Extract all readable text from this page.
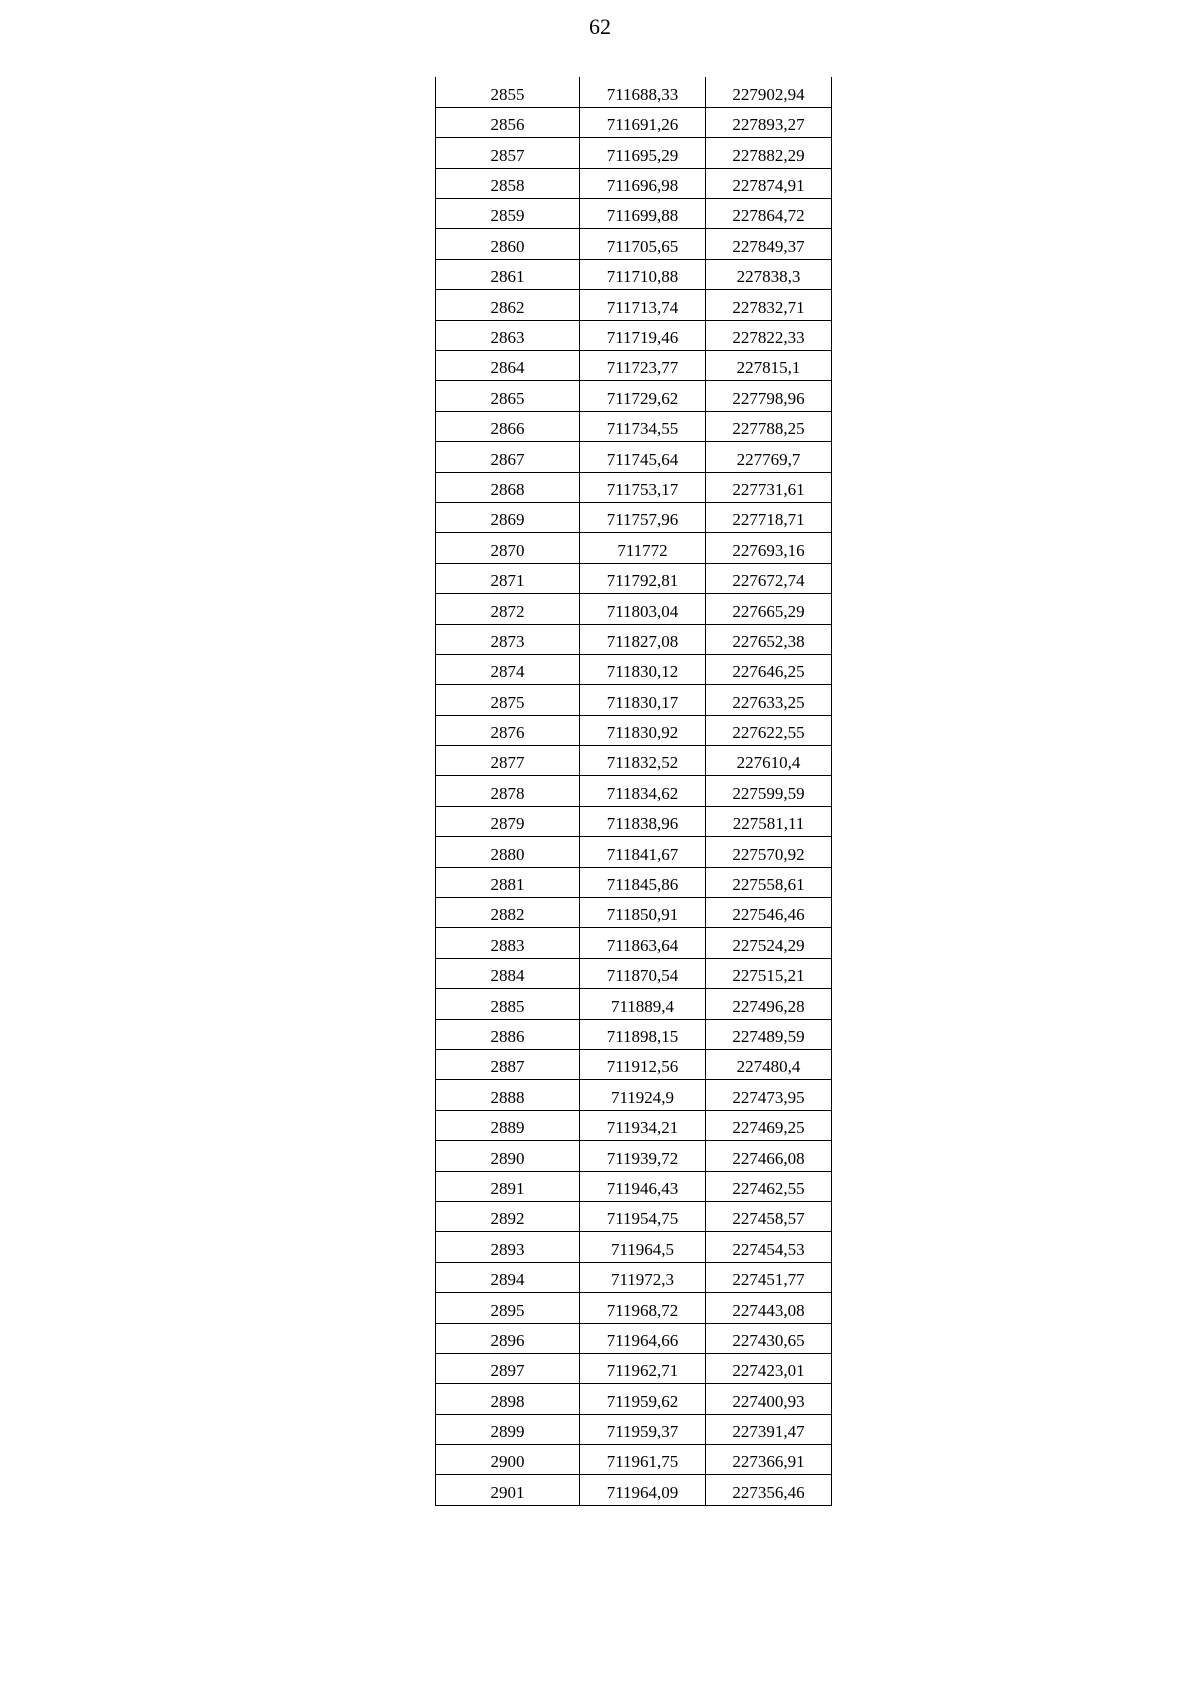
62
2855	711688,33	227902,94
2856	711691,26	227893,27
2857	711695,29	227882,29
2858	711696,98	227874,91
2859	711699,88	227864,72
2860	711705,65	227849,37
2861	711710,88	227838,3
2862	711713,74	227832,71
2863	711719,46	227822,33
2864	711723,77	227815,1
2865	711729,62	227798,96
2866	711734,55	227788,25
2867	711745,64	227769,7
2868	711753,17	227731,61
2869	711757,96	227718,71
2870	711772	227693,16
2871	711792,81	227672,74
2872	711803,04	227665,29
2873	711827,08	227652,38
2874	711830,12	227646,25
2875	711830,17	227633,25
2876	711830,92	227622,55
2877	711832,52	227610,4
2878	711834,62	227599,59
2879	711838,96	227581,11
2880	711841,67	227570,92
2881	711845,86	227558,61
2882	711850,91	227546,46
2883	711863,64	227524,29
2884	711870,54	227515,21
2885	711889,4	227496,28
2886	711898,15	227489,59
2887	711912,56	227480,4
2888	711924,9	227473,95
2889	711934,21	227469,25
2890	711939,72	227466,08
2891	711946,43	227462,55
2892	711954,75	227458,57
2893	711964,5	227454,53
2894	711972,3	227451,77
2895	711968,72	227443,08
2896	711964,66	227430,65
2897	711962,71	227423,01
2898	711959,62	227400,93
2899	711959,37	227391,47
2900	711961,75	227366,91
2901	711964,09	227356,46
